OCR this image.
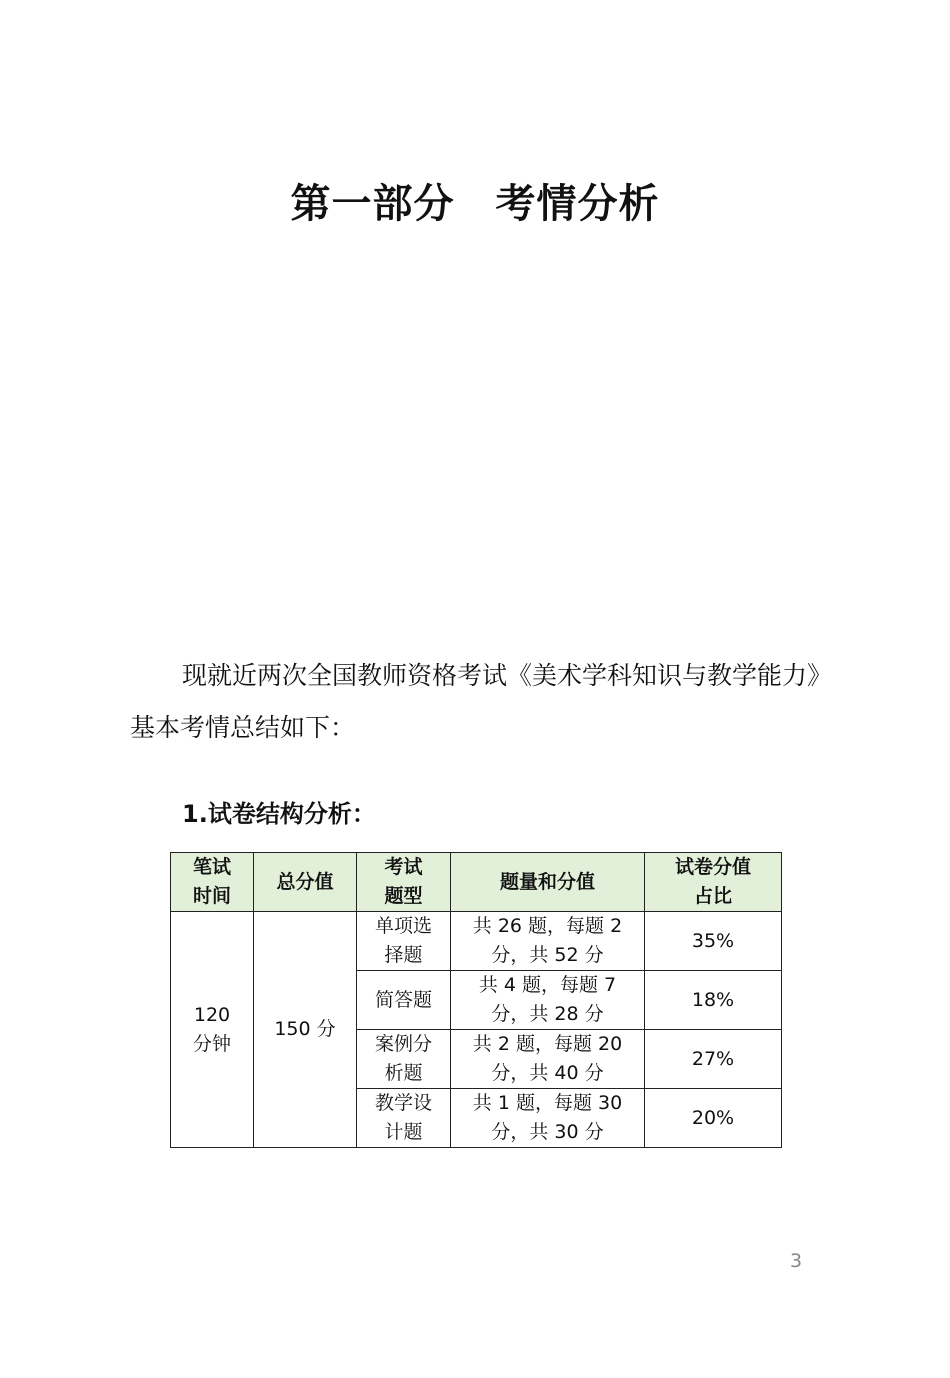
第一部分　考情分析

现就近两次全国教师资格考试《美术学科知识与教学能力》基本考情总结如下：

1.试卷结构分析：
笔试时间	总分值	考试题型	题量和分值	试卷分值占比

120分钟	150 分	单项选择题	共 26 题，每题 2 分，共 52 分	35%

		简答题	共 4 题，每题 7 分，共 28 分	18%

		案例分析题	共 2 题，每题 20 分，共 40 分	27%

		教学设计题	共 1 题，每题 30 分，共 30 分	20%
3
